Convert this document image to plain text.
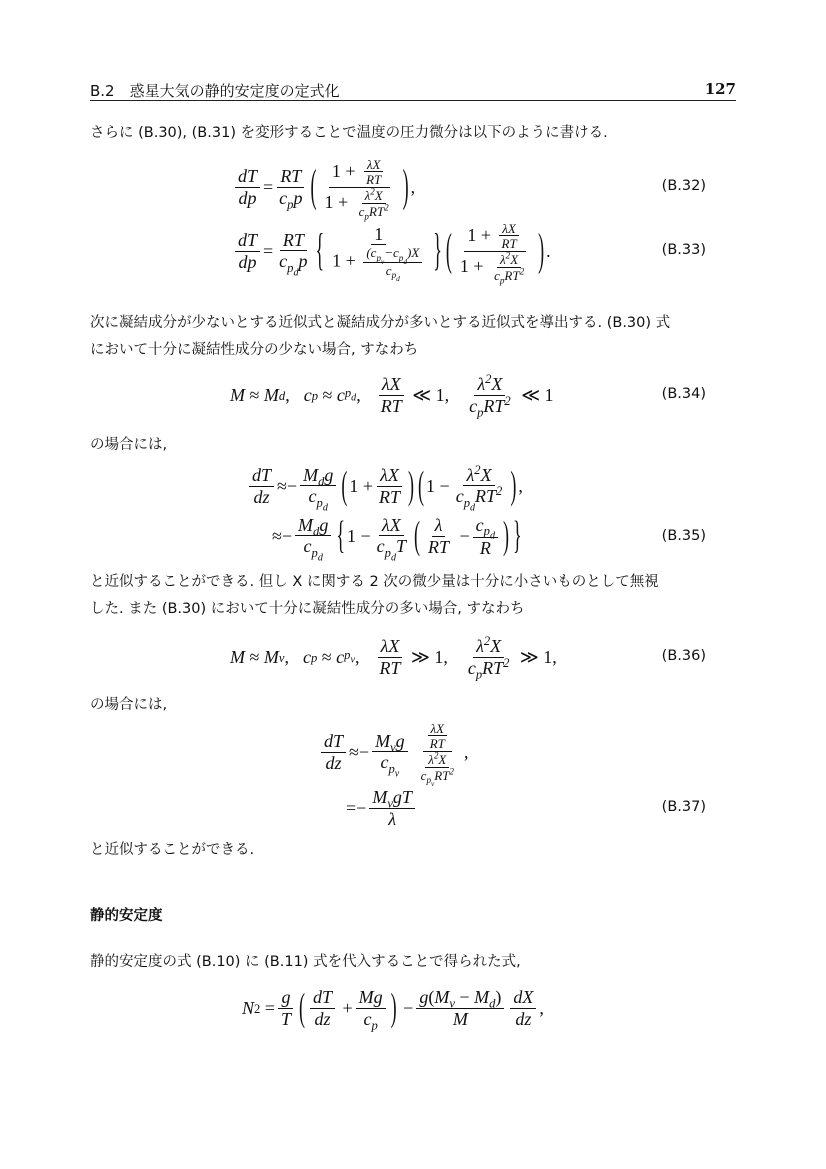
B.2　惑星大気の静的安定度の定式化	127
さらに (B.30), (B.31) を変形することで温度の圧力微分は以下のように書ける.
$\frac{dT}{dp} = \frac{RT}{c_pp}$ ( $\frac{1 + \frac{\lambda X}{RT}}{1 + \frac{\lambda^2X}{c_pRT^2}}$ ) ,	(B.32)
$\frac{dT}{dp} = \frac{RT}{c_{p_d}p}$ { $\frac{1}{1 + \frac{(c_{p_v}-c_{p_d})X}{c_{p_d}}}$ } ( $\frac{1 + \frac{\lambda X}{RT}}{1 + \frac{\lambda^2X}{c_pRT^2}}$ ) .	(B.33)
次に凝結成分が少ないとする近似式と凝結成分が多いとする近似式を導出する. (B.30) 式
において十分に凝結性成分の少ない場合, すなわち
M
≈
M d , c p
≈
c $p_d$ , $\frac{\lambda X}{RT}$
≪
1 , $\frac{\lambda^2X}{c_pRT^2}$
≪
1	(B.34)
の場合には,
$\frac{dT}{dz}$ ≈ − $\frac{M_dg}{c_{p_d}}$ ( 1
+ $\frac{\lambda X}{RT}$ ) ( 1
− $\frac{\lambda^2X}{c_{p_d}RT^2}$ ) ,
≈ − $\frac{M_dg}{c_{p_d}}$ { 1
− $\frac{\lambda X}{c_{p_d}T}$ ( $\frac{\lambda}{RT}$
− $\frac{c_{p_d}}{R}$ ) }	(B.35)
と近似することができる. 但し X に関する 2 次の微少量は十分に小さいものとして無視
した. また (B.30) において十分に凝結性成分の多い場合, すなわち
M
≈
M v , c p
≈
c $p_v$ , $\frac{\lambda X}{RT}$
≫
1 , $\frac{\lambda^2X}{c_pRT^2}$
≫
1 ,	(B.36)
の場合には,
$\frac{dT}{dz}$ ≈ − $\frac{M_vg}{c_{p_v}} \frac{\frac{\lambda X}{RT}}{\frac{\lambda^2X}{c_{p_v}RT^2}}$ ,
= − $\frac{M_vgT}{\lambda}$	(B.37)
と近似することができる.
静的安定度
静的安定度の式 (B.10) に (B.11) 式を代入することで得られた式,
N 2
= $\frac{g}{T}$ ( $\frac{dT}{dz}$
+ $\frac{Mg}{c_p}$ )
− $\frac{g(M_v - M_d)}{M} \frac{dX}{dz}$ ,
